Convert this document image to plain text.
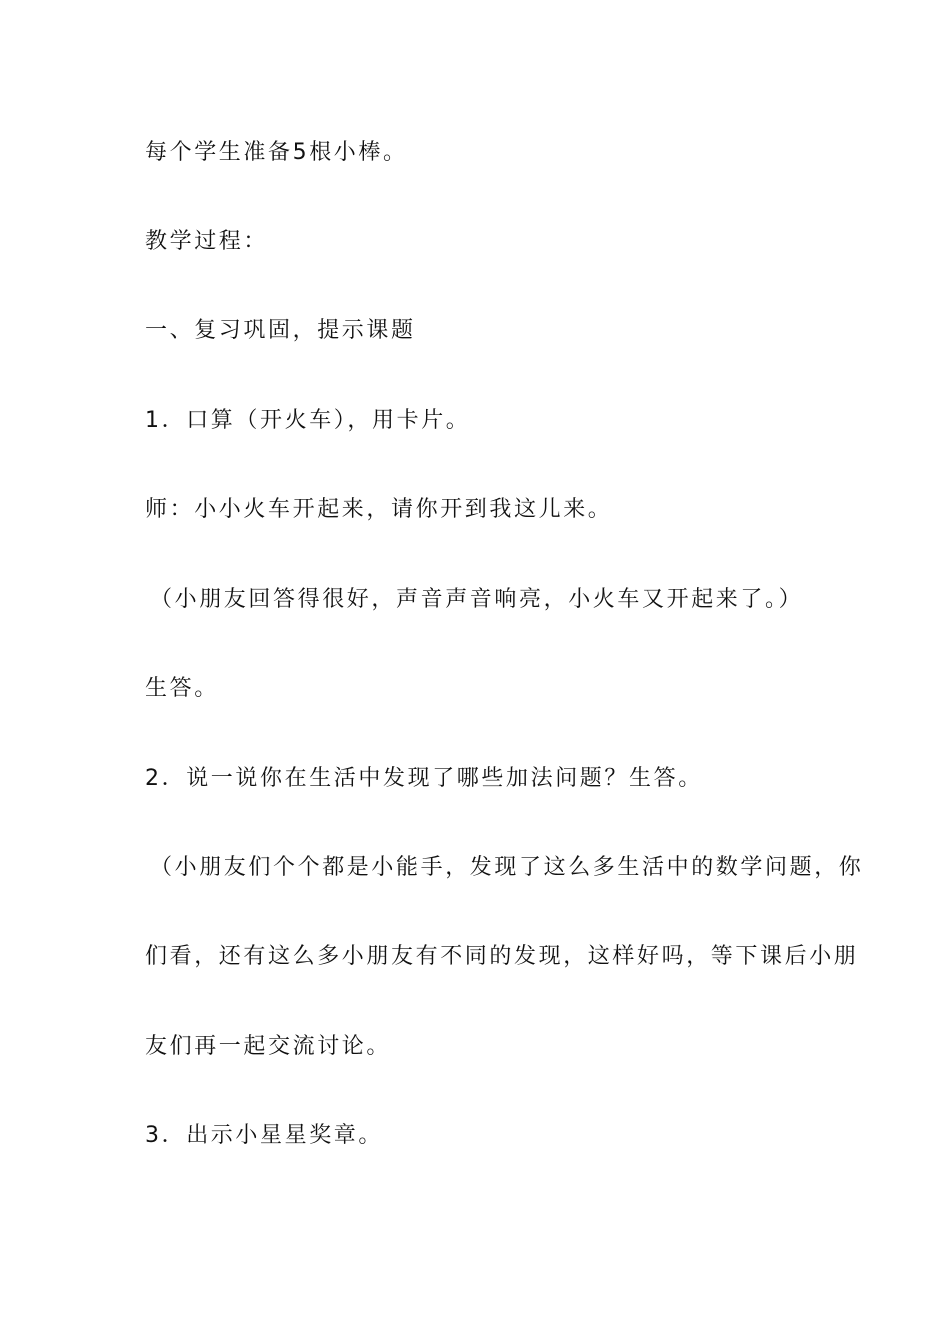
每个学生准备5根小棒。
教学过程：
一、复习巩固，提示课题
1．口算（开火车），用卡片。
师：小小火车开起来，请你开到我这儿来。
（小朋友回答得很好，声音声音响亮，小火车又开起来了。）
生答。
2．说一说你在生活中发现了哪些加法问题？生答。
（小朋友们个个都是小能手，发现了这么多生活中的数学问题，你
们看，还有这么多小朋友有不同的发现，这样好吗，等下课后小朋
友们再一起交流讨论。
3．出示小星星奖章。
